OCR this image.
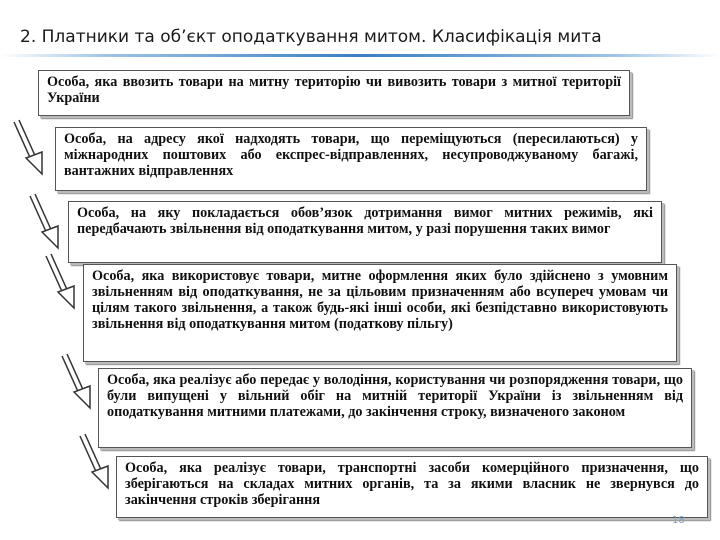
2. Платники та об’єкт оподаткування митом. Класифікація мита
Особа, яка ввозить товари на митну територію чи вивозить товари з митної території України
Особа, на адресу якої надходять товари, що переміщуються (пересилаються) у міжнародних поштових або експрес-відправленнях, несупроводжуваному багажі, вантажних відправленнях
Особа, на яку покладається обов’язок дотримання вимог митних режимів, які передбачають звільнення від оподаткування митом, у разі порушення таких вимог
Особа, яка використовує товари, митне оформлення яких було здійснено з умовним звільненням від оподаткування, не за цільовим призначенням або всупереч умовам чи цілям такого звільнення, а також будь-які інші особи, які безпідставно використовують звільнення від оподаткування митом (податкову пільгу)
Особа, яка реалізує або передає у володіння, користування чи розпорядження товари, що були випущені у вільний обіг на митній території України із звільненням від оподаткування митними платежами, до закінчення строку, визначеного законом
Особа, яка реалізує товари, транспортні засоби комерційного призначення, що зберігаються на складах митних органів, та за якими власник не звернувся до закінчення строків зберігання
18
